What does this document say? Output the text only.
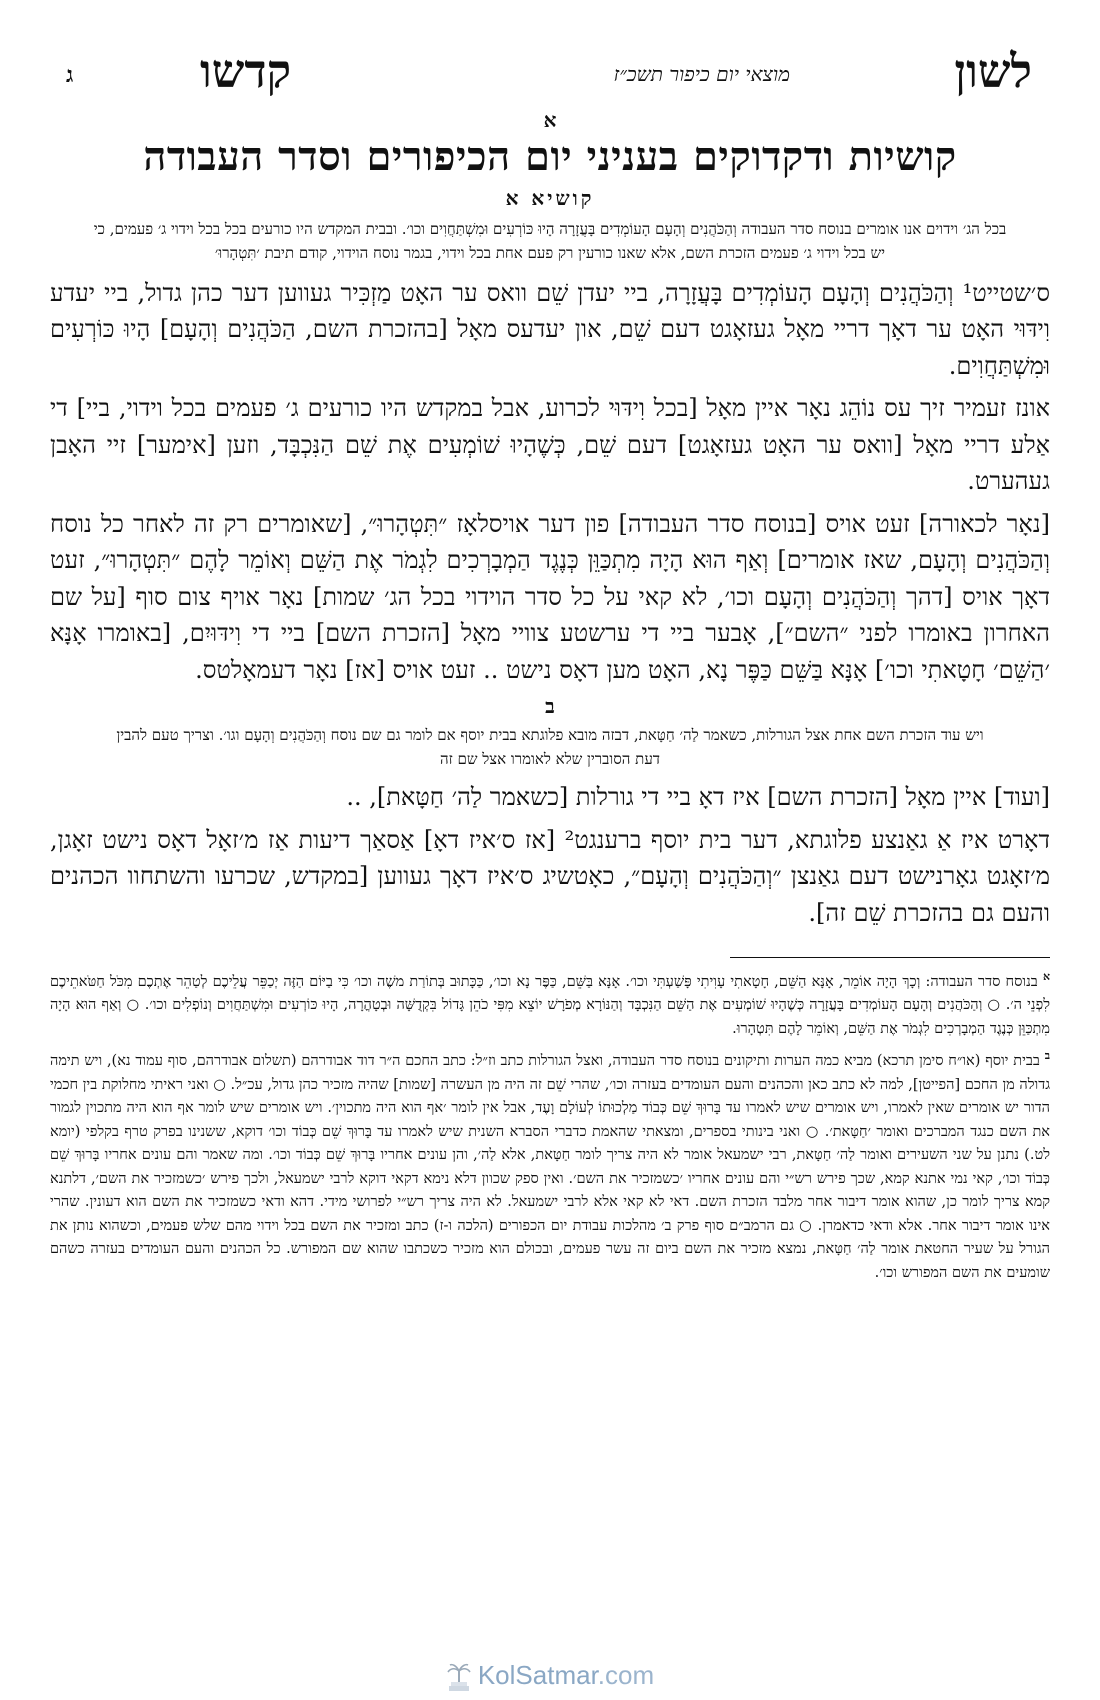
לשון
מוצאי יום כיפור תשכ״ז
קדשו
ג
א
קושיות ודקדוקים בעניני יום הכיפורים וסדר העבודה
קושיא א
בכל הג׳ וידוים אנו אומרים בנוסח סדר העבודה וְהַכֹּהֲנִים וְהָעָם הָעוֹמְדִים בָּעֲזָרָה הָיוּ כּוֹרְעִים וּמִשְׁתַּחֲוִים וכו׳. ובבית המקדש היו כורעים בכל בכל וידוי ג׳ פעמים, כי יש בכל וידוי ג׳ פעמים הזכרת השם, אלא שאנו כורעין רק פעם אחת בכל וידוי, בגמר נוסח הוידוי, קודם תיבת ׳תִּטְהָרוּ׳

ס׳שטייט¹ וְהַכֹּהֲנִים וְהָעָם הָעוֹמְדִים בָּעֲזָרָה, ביי יעדן שֵׁם וואס ער האָט מַזְכִּיר געווען דער כהן גדול, ביי יעדע וִידּוּי האָט ער דאָך דריי מאָל געזאָגט דעם שֵׁם, און יעדעס מאָל [בהזכרת השם, הַכֹּהֲנִים וְהָעָם] הָיוּ כּוֹרְעִים וּמִשְׁתַּחֲוִים.

אונז זעמיר זיך עס נוֹהֵג נאָר איין מאָל [בכל וִידּוּי לכרוע, אבל במקדש היו כורעים ג׳ פעמים בכל וידוי, ביי] די אַלע דריי מאָל [וואס ער האָט געזאָגט] דעם שֵׁם, כְּשֶׁהָיוּ שׁוֹמְעִים אֶת שֵׁם הַנִּכְבָּד, וזען [אימער] זיי האָבן געהערט.

[נאָר לכאורה] זעט אויס [בנוסח סדר העבודה] פון דער אויסלאָז ״תִּטְהָרוּ״, [שאומרים רק זה לאחר כל נוסח וְהַכֹּהֲנִים וְהָעָם, שאז אומרים] וְאַף הוּא הָיָה מִתְכַּוֵּן כְּנֶגֶד הַמְבָרְכִים לִגְמֹר אֶת הַשֵּׁם וְאוֹמֵר לָהֶם ״תִּטְהָרוּ״, זעט דאָך אויס [דהך וְהַכֹּהֲנִים וְהָעָם וכו׳, לא קאי על כל סדר הוידוי בכל הג׳ שמות] נאָר אויף צום סוף [על שם האחרון באומרו לפני ״השם״], אָבער ביי די ערשטע צוויי מאָל [הזכרת השם] ביי די וִידּוּיִם, [באומרו אָנָּא ׳הַשֵּׁם׳ חָטָאתִי וכו׳] אָנָּא בַּשֵּׁם כַּפֶּר נָא, האָט מען דאָס נישט .. זעט אויס [אז] נאָר דעמאָלטס.

ב
ויש עוד הזכרת השם אחת אצל הגורלות, כשאמר לַה׳ חַטָּאת, דבזה מובא פלוגתא בבית יוסף אם לומר גם שם נוסח וְהַכֹּהֲנִים וְהָעָם וגו׳. וצריך טעם להבין דעת הסוברין שלא לאומרו אצל שם זה

[ועוד] איין מאָל [הזכרת השם] איז דאָ ביי די גורלות [כשאמר לַה׳ חַטָּאת], ..

דאָרט איז אַ גאַנצע פלוגתא, דער בית יוסף ברענגט² [אז ס׳איז דאָ] אַסאַך דיעות אַז מ׳זאָל דאָס נישט זאָגן, מ׳זאָגט גאָרנישט דעם גאַנצן ״וְהַכֹּהֲנִים וְהָעָם״, כאָטשיג ס׳איז דאָך געווען [במקדש, שכרעו והשתחוו הכהנים והעם גם בהזכרת שֵׁם זה].

$^א$ בנוסח סדר העבודה: וְכָךְ הָיָה אוֹמֵר, אָנָּא הַשֵּׁם, חָטָאתִי עָוִיתִי פָּשַׁעְתִּי וכו׳. אָנָּא בַּשֵּׁם, כַּפֶּר נָא וכו׳, כַּכָּתוּב בְּתוֹרַת משֶׁה וכו׳ כִּי בַיּוֹם הַזֶּה יְכַפֵּר עֲלֵיכֶם לְטַהֵר אֶתְכֶם מִכֹּל חַטֹּאתֵיכֶם לִפְנֵי ה׳. ○ וְהַכֹּהֲנִים וְהָעָם הָעוֹמְדִים בָּעֲזָרָה כְּשֶׁהָיוּ שׁוֹמְעִים אֶת הַשֵּׁם הַנִּכְבָּד וְהַנּוֹרָא מְפֹרָשׁ יוֹצֵא מִפִּי כֹהֵן גָּדוֹל בִּקְדֻשָּׁה וּבְטָהֳרָה, הָיוּ כּוֹרְעִים וּמִשְׁתַּחֲוִים וְנוֹפְלִים וכו׳. ○ וְאַף הוּא הָיָה מִתְכַּוֵּן כְּנֶגֶד הַמְבָרְכִים לִגְמֹר אֶת הַשֵּׁם, וְאוֹמֵר לָהֶם תִּטְהָרוּ.

$^ב$ בבית יוסף (או״ח סימן תרכא) מביא כמה הערות ותיקונים בנוסח סדר העבודה, ואצל הגורלות כתב וז״ל: כתב החכם ה״ר דוד אבודרהם (תשלום אבודרהם, סוף עמוד נא), ויש תימה גדולה מן החכם [הפייטן], למה לא כתב כאן והכהנים והעם העומדים בעזרה וכו׳, שהרי שֵׁם זה היה מן העשרה [שמות] שהיה מזכיר כהן גדול, עכ״ל. ○ ואני ראיתי מחלוקת בין חכמי הדור יש אומרים שאין לאמרו, ויש אומרים שיש לאמרו עד בָּרוּךְ שֵׁם כְּבוֹד מַלְכוּתוֹ לְעוֹלָם וָעֶד, אבל אין לומר ׳אף הוא היה מתכוין׳. ויש אומרים שיש לומר אף הוא היה מתכוין לגמור את השם כנגד המברכים ואומר ׳חַטָּאת׳. ○ ואני בינותי בספרים, ומצאתי שהאמת כדברי הסברא השנית שיש לאמרו עד בָּרוּךְ שֵׁם כְּבוֹד וכו׳ דוקא, ששנינו בפרק טרף בקלפי (יומא לט.) נתנן על שני השעירים ואומר לַה׳ חַטָּאת, רבי ישמעאל אומר לא היה צריך לומר חַטָּאת, אלא לַה׳, והן עונים אחריו בָּרוּךְ שֵׁם כְּבוֹד וכו׳. ומה שאמר והם עונים אחריו בָּרוּךְ שֵׁם כְּבוֹד וכו׳, קאי נמי אתנא קמא, שכך פירש רש״י והם עונים אחריו ׳כשמזכיר את השם׳. ואין ספק שכוון דלא נימא דקאי דוקא לרבי ישמעאל, ולכך פירש ׳כשמזכיר את השם׳, דלתנא קמא צריך לומר כן, שהוא אומר דיבור אחר מלבד הזכרת השם. דאי לא קאי אלא לרבי ישמעאל. לא היה צריך רש״י לפרושי מידי. דהא ודאי כשמזכיר את השם הוא דעונין. שהרי אינו אומר דיבור אחר. אלא ודאי כדאמרן. ○ גם הרמב״ם סוף פרק ב׳ מהלכות עבודת יום הכפורים (הלכה ו-ז) כתב ומזכיר את השם בכל וידוי מהם שלש פעמים, וכשהוא נותן את הגורל על שעיר החטאת אומר לַה׳ חַטָּאת, נמצא מזכיר את השם ביום זה עשר פעמים, ובכולם הוא מזכיר כשכתבו שהוא שם המפורש. כל הכהנים והעם העומדים בעזרה כשהם שומעים את השם המפורש וכו׳.

KolSatmar.com
